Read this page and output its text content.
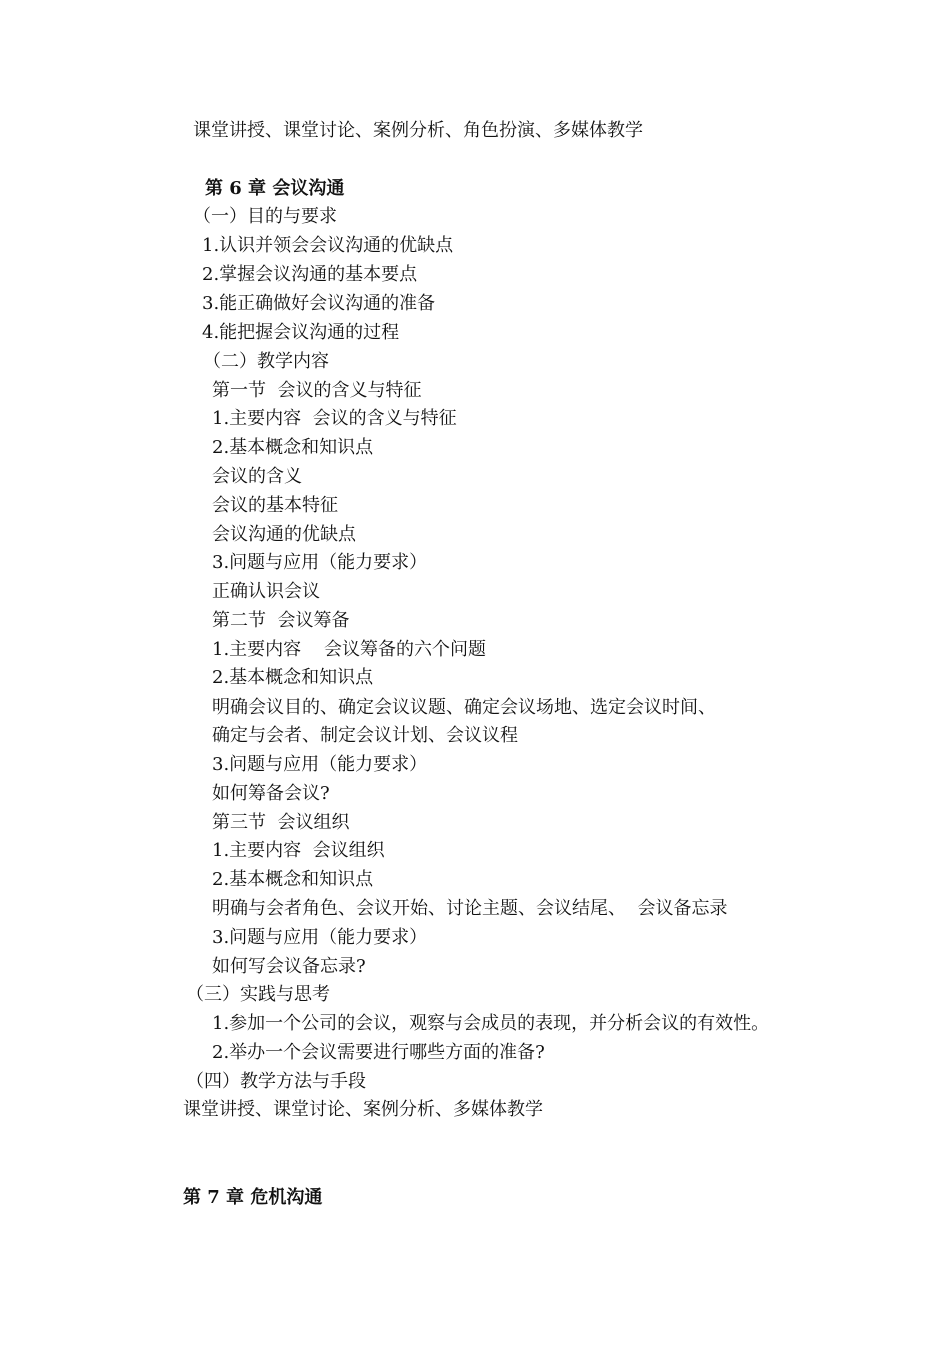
课堂讲授、课堂讨论、案例分析、角色扮演、多媒体教学

第 6 章 会议沟通

（一）目的与要求

1.认识并领会会议沟通的优缺点

2.掌握会议沟通的基本要点

3.能正确做好会议沟通的准备

4.能把握会议沟通的过程

（二）教学内容

第一节  会议的含义与特征

1.主要内容  会议的含义与特征

2.基本概念和知识点

会议的含义

会议的基本特征

会议沟通的优缺点

3.问题与应用（能力要求）

正确认识会议

第二节  会议筹备

1.主要内容    会议筹备的六个问题

2.基本概念和知识点

明确会议目的、确定会议议题、确定会议场地、选定会议时间、

确定与会者、制定会议计划、会议议程

3.问题与应用（能力要求）

如何筹备会议?

第三节  会议组织

1.主要内容  会议组织

2.基本概念和知识点

明确与会者角色、会议开始、讨论主题、会议结尾、  会议备忘录

3.问题与应用（能力要求）

如何写会议备忘录?

（三）实践与思考

1.参加一个公司的会议，观察与会成员的表现，并分析会议的有效性。

2.举办一个会议需要进行哪些方面的准备?

（四）教学方法与手段

课堂讲授、课堂讨论、案例分析、多媒体教学

第 7 章 危机沟通
